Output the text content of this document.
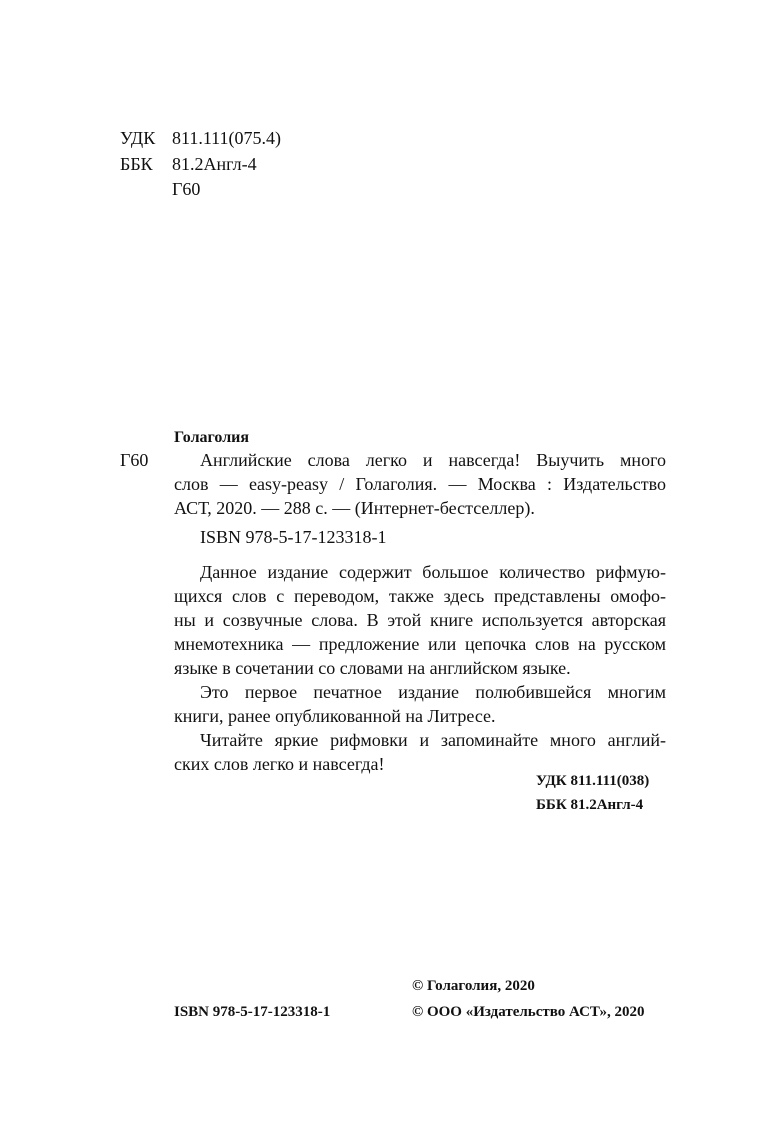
УДК 811.111(075.4)
ББК 81.2Англ-4
Г60
Голаголия
Г60	Английские слова легко и навсегда! Выучить много
слов — easy-peasy / Голаголия. — Москва : Издательство
АСТ, 2020. — 288 с. — (Интернет-бестселлер).
ISBN 978-5-17-123318-1
Данное издание содержит большое количество рифмую-
щихся слов с переводом, также здесь представлены омофо-
ны и созвучные слова. В этой книге используется авторская
мнемотехника — предложение или цепочка слов на русском
языке в сочетании со словами на английском языке.
Это первое печатное издание полюбившейся многим
книги, ранее опубликованной на Литресе.
Читайте яркие рифмовки и запоминайте много англий-
ских слов легко и навсегда!
УДК 811.111(038)
ББК 81.2Англ-4
© Голаголия, 2020
ISBN 978-5-17-123318-1	© ООО «Издательство АСТ», 2020
